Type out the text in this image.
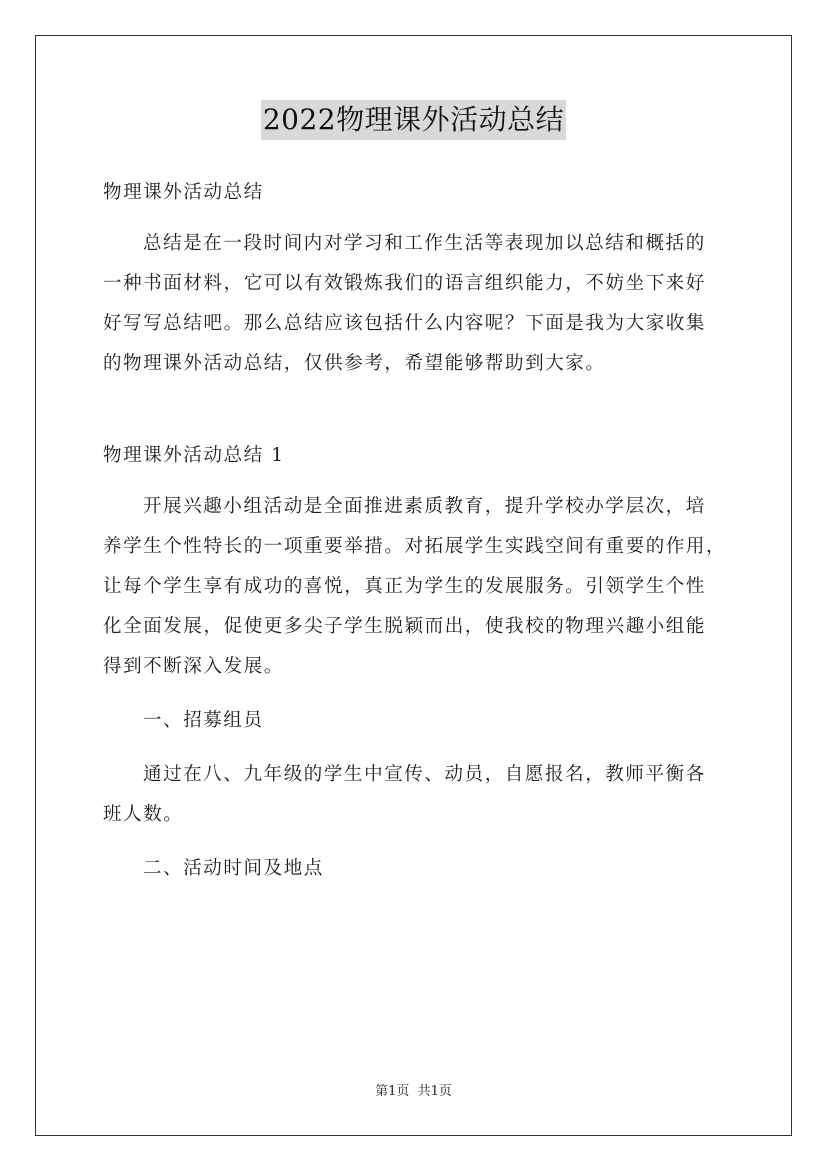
2022物理课外活动总结
物理课外活动总结
总结是在一段时间内对学习和工作生活等表现加以总结和概括的
一种书面材料，它可以有效锻炼我们的语言组织能力，不妨坐下来好
好写写总结吧。那么总结应该包括什么内容呢？下面是我为大家收集
的物理课外活动总结，仅供参考，希望能够帮助到大家。
物理课外活动总结 1
开展兴趣小组活动是全面推进素质教育，提升学校办学层次，培
养学生个性特长的一项重要举措。对拓展学生实践空间有重要的作用，
让每个学生享有成功的喜悦，真正为学生的发展服务。引领学生个性
化全面发展，促使更多尖子学生脱颖而出，使我校的物理兴趣小组能
得到不断深入发展。
一、招募组员
通过在八、九年级的学生中宣传、动员，自愿报名，教师平衡各
班人数。
二、活动时间及地点
第1页 共1页
